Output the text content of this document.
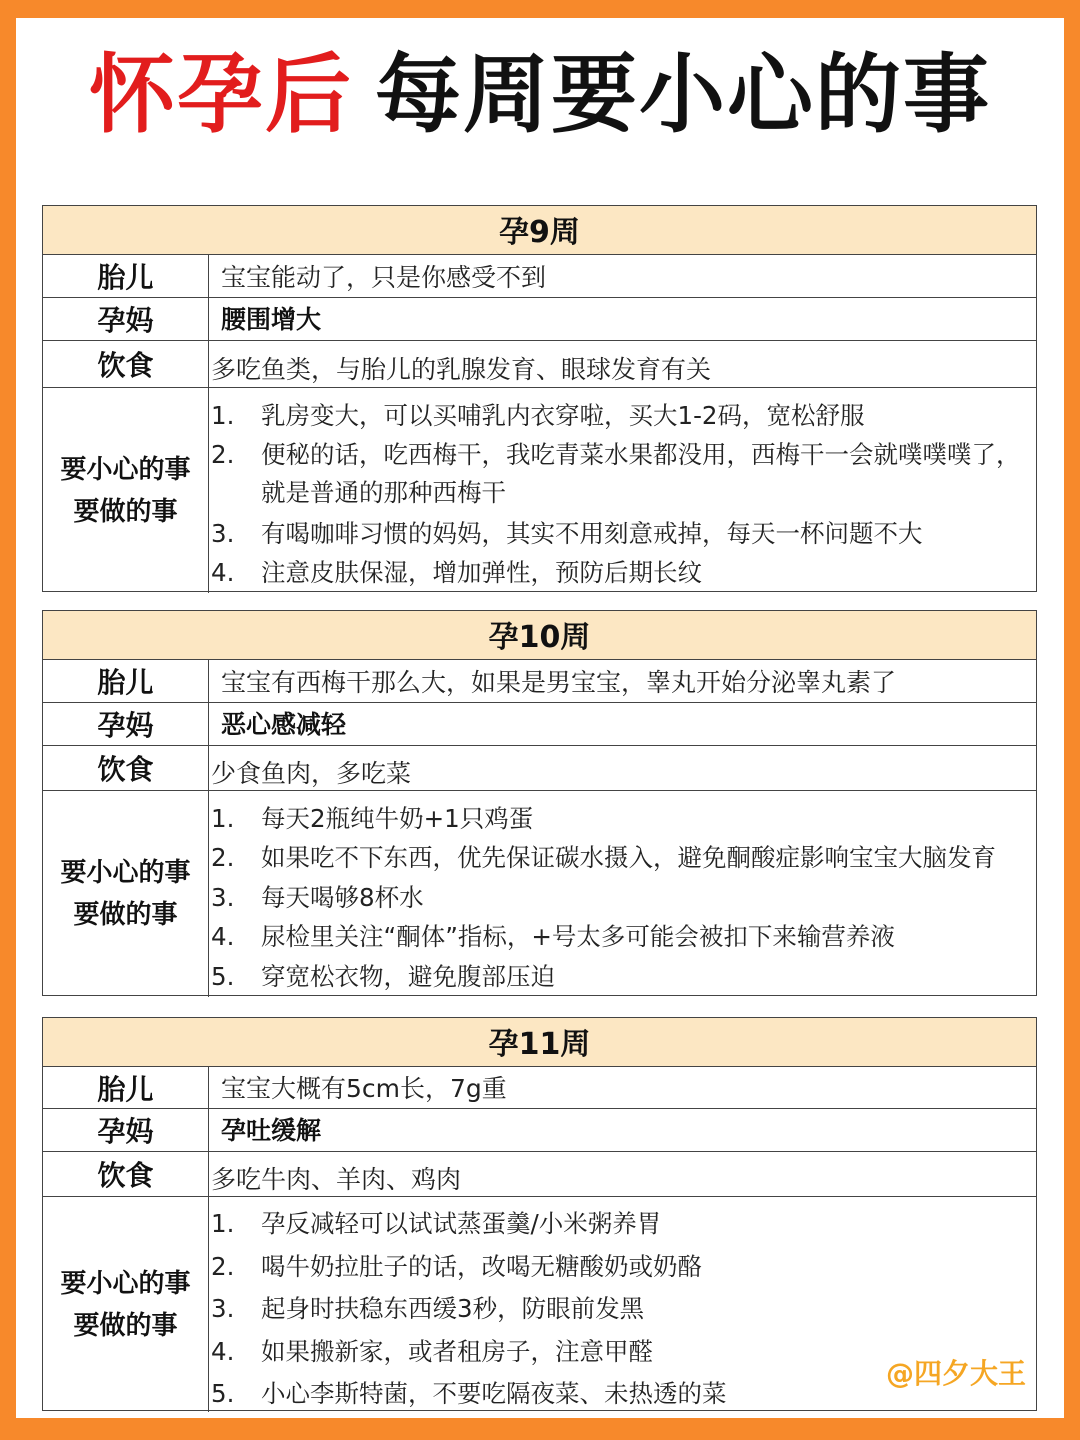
怀孕后 每周要小心的事
孕9周
胎儿	宝宝能动了，只是你感受不到
孕妈	腰围增大
饮食	多吃鱼类，与胎儿的乳腺发育、眼球发育有关
要小心的事
要做的事
1. 乳房变大，可以买哺乳内衣穿啦，买大1-2码，宽松舒服
2. 便秘的话，吃西梅干，我吃青菜水果都没用，西梅干一会就噗噗噗了，
就是普通的那种西梅干
3. 有喝咖啡习惯的妈妈，其实不用刻意戒掉，每天一杯问题不大
4. 注意皮肤保湿，增加弹性，预防后期长纹
孕10周
胎儿	宝宝有西梅干那么大，如果是男宝宝，睾丸开始分泌睾丸素了
孕妈	恶心感减轻
饮食	少食鱼肉，多吃菜
要小心的事
要做的事
1. 每天2瓶纯牛奶+1只鸡蛋
2. 如果吃不下东西，优先保证碳水摄入，避免酮酸症影响宝宝大脑发育
3. 每天喝够8杯水
4. 尿检里关注“酮体”指标，+号太多可能会被扣下来输营养液
5. 穿宽松衣物，避免腹部压迫
孕11周
胎儿	宝宝大概有5cm长，7g重
孕妈	孕吐缓解
饮食	多吃牛肉、羊肉、鸡肉
要小心的事
要做的事
1. 孕反减轻可以试试蒸蛋羹/小米粥养胃
2. 喝牛奶拉肚子的话，改喝无糖酸奶或奶酪
3. 起身时扶稳东西缓3秒，防眼前发黑
4. 如果搬新家，或者租房子，注意甲醛
5. 小心李斯特菌，不要吃隔夜菜、未热透的菜
@四夕大王
